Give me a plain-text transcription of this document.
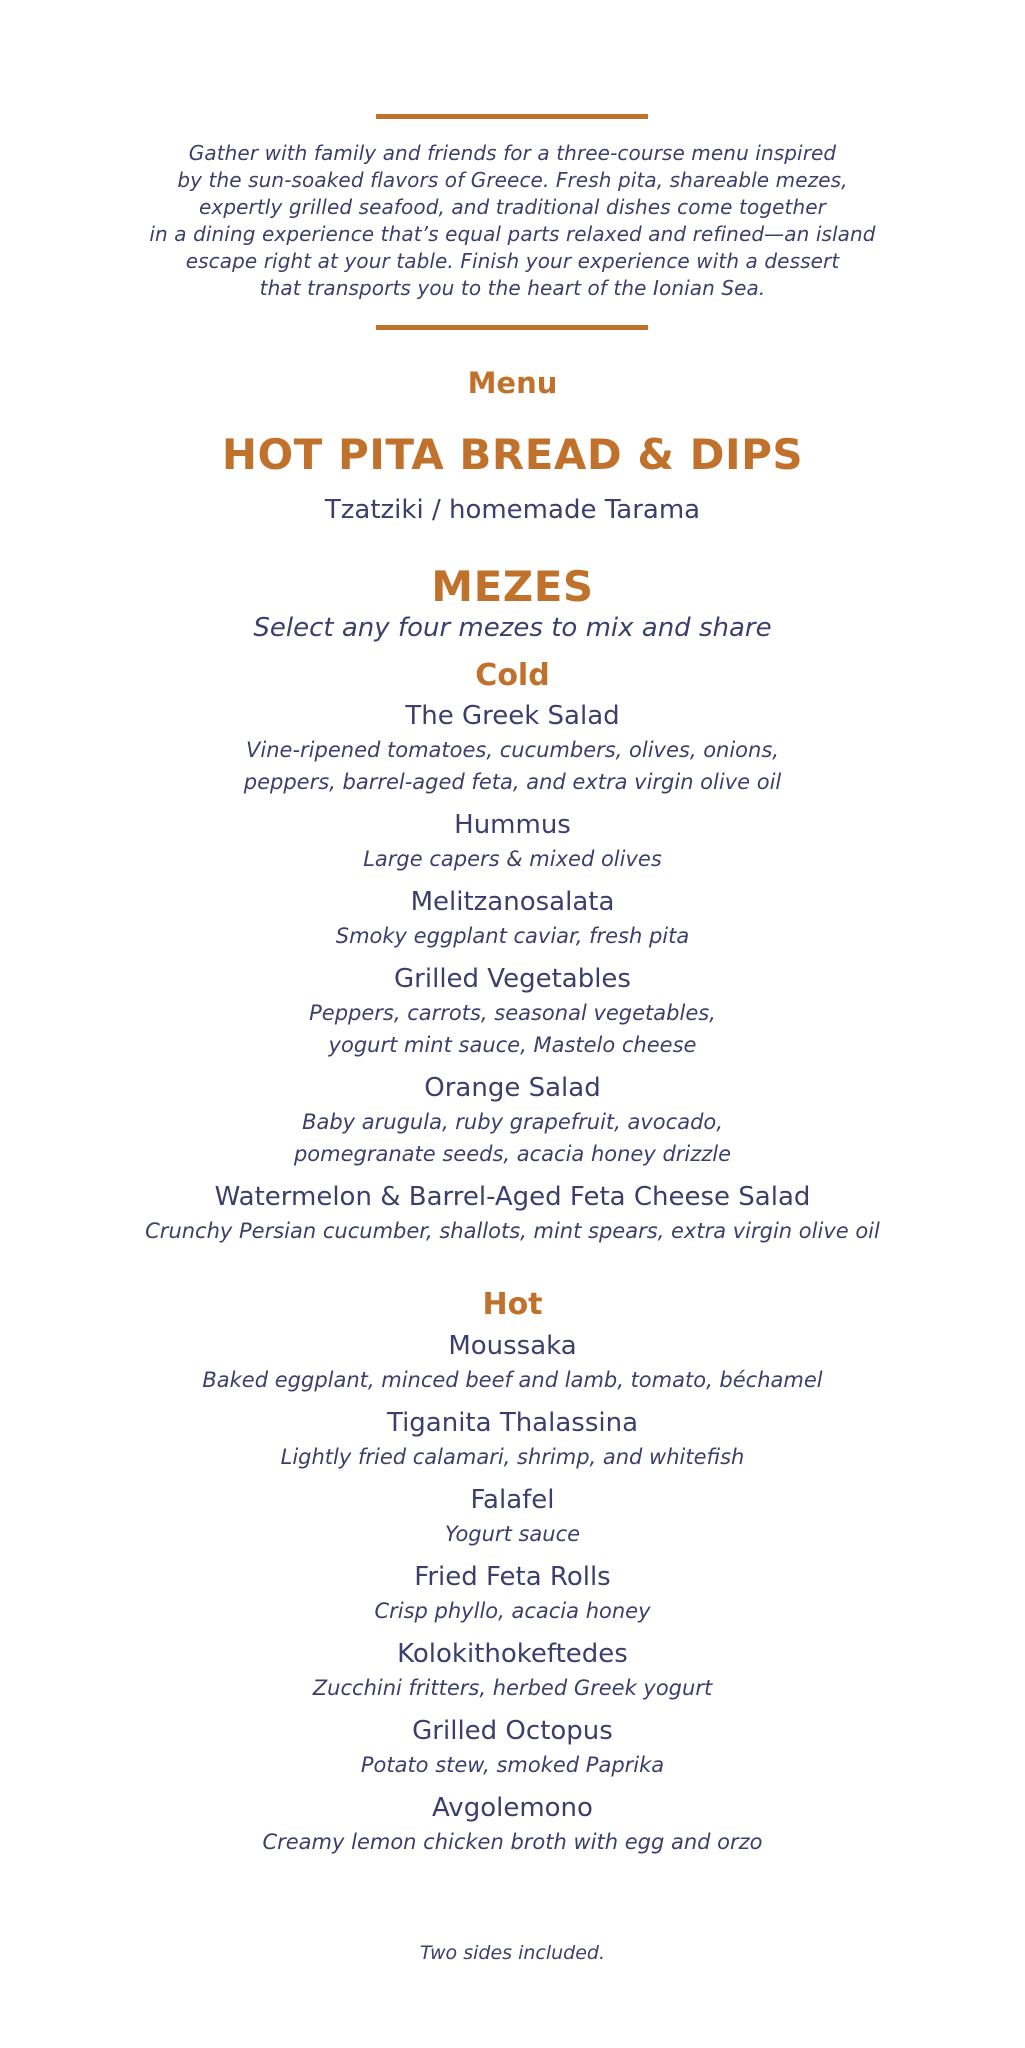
Gather with family and friends for a three-course menu inspired
by the sun-soaked flavors of Greece. Fresh pita, shareable mezes,
expertly grilled seafood, and traditional dishes come together
in a dining experience that’s equal parts relaxed and refined—an island
escape right at your table. Finish your experience with a dessert
that transports you to the heart of the Ionian Sea.
Menu
HOT PITA BREAD & DIPS
Tzatziki / homemade Tarama
MEZES
Select any four mezes to mix and share
Cold
The Greek Salad
Vine-ripened tomatoes, cucumbers, olives, onions,
peppers, barrel-aged feta, and extra virgin olive oil
Hummus
Large capers & mixed olives
Melitzanosalata
Smoky eggplant caviar, fresh pita
Grilled Vegetables
Peppers, carrots, seasonal vegetables,
yogurt mint sauce, Mastelo cheese
Orange Salad
Baby arugula, ruby grapefruit, avocado,
pomegranate seeds, acacia honey drizzle
Watermelon & Barrel-Aged Feta Cheese Salad
Crunchy Persian cucumber, shallots, mint spears, extra virgin olive oil
Hot
Moussaka
Baked eggplant, minced beef and lamb, tomato, béchamel
Tiganita Thalassina
Lightly fried calamari, shrimp, and whitefish
Falafel
Yogurt sauce
Fried Feta Rolls
Crisp phyllo, acacia honey
Kolokithokeftedes
Zucchini fritters, herbed Greek yogurt
Grilled Octopus
Potato stew, smoked Paprika
Avgolemono
Creamy lemon chicken broth with egg and orzo
Two sides included.
